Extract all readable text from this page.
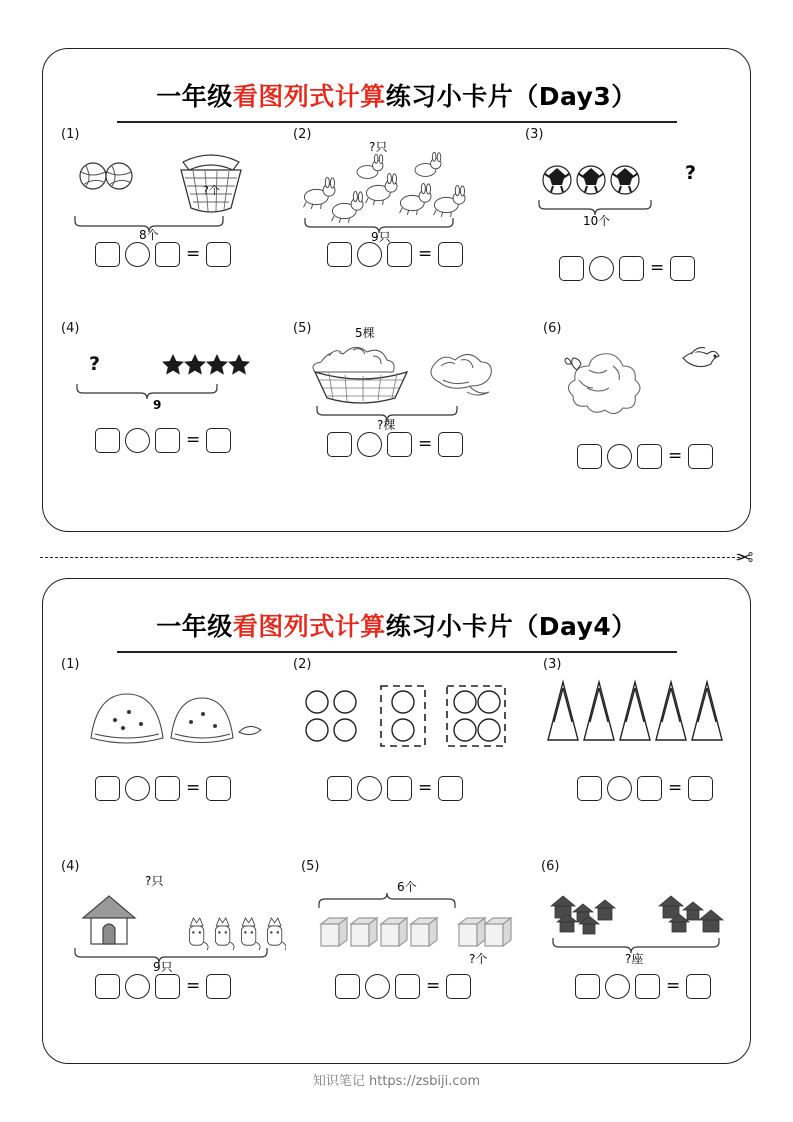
一年级看图列式计算练习小卡片（Day3）
(1)
?个
8个
=
(2)
?只
9只
=
(3)
?
10个
=
(4)
?
9
=
(5)	5棵
?棵
=
(6)
=
✂
一年级看图列式计算练习小卡片（Day4）
(1)
=
(2)
=
(3)
=
(4)
?只
9只
=
(5)
6个
?个
=
(6)
?座
=
知识笔记 https://zsbiji.com
